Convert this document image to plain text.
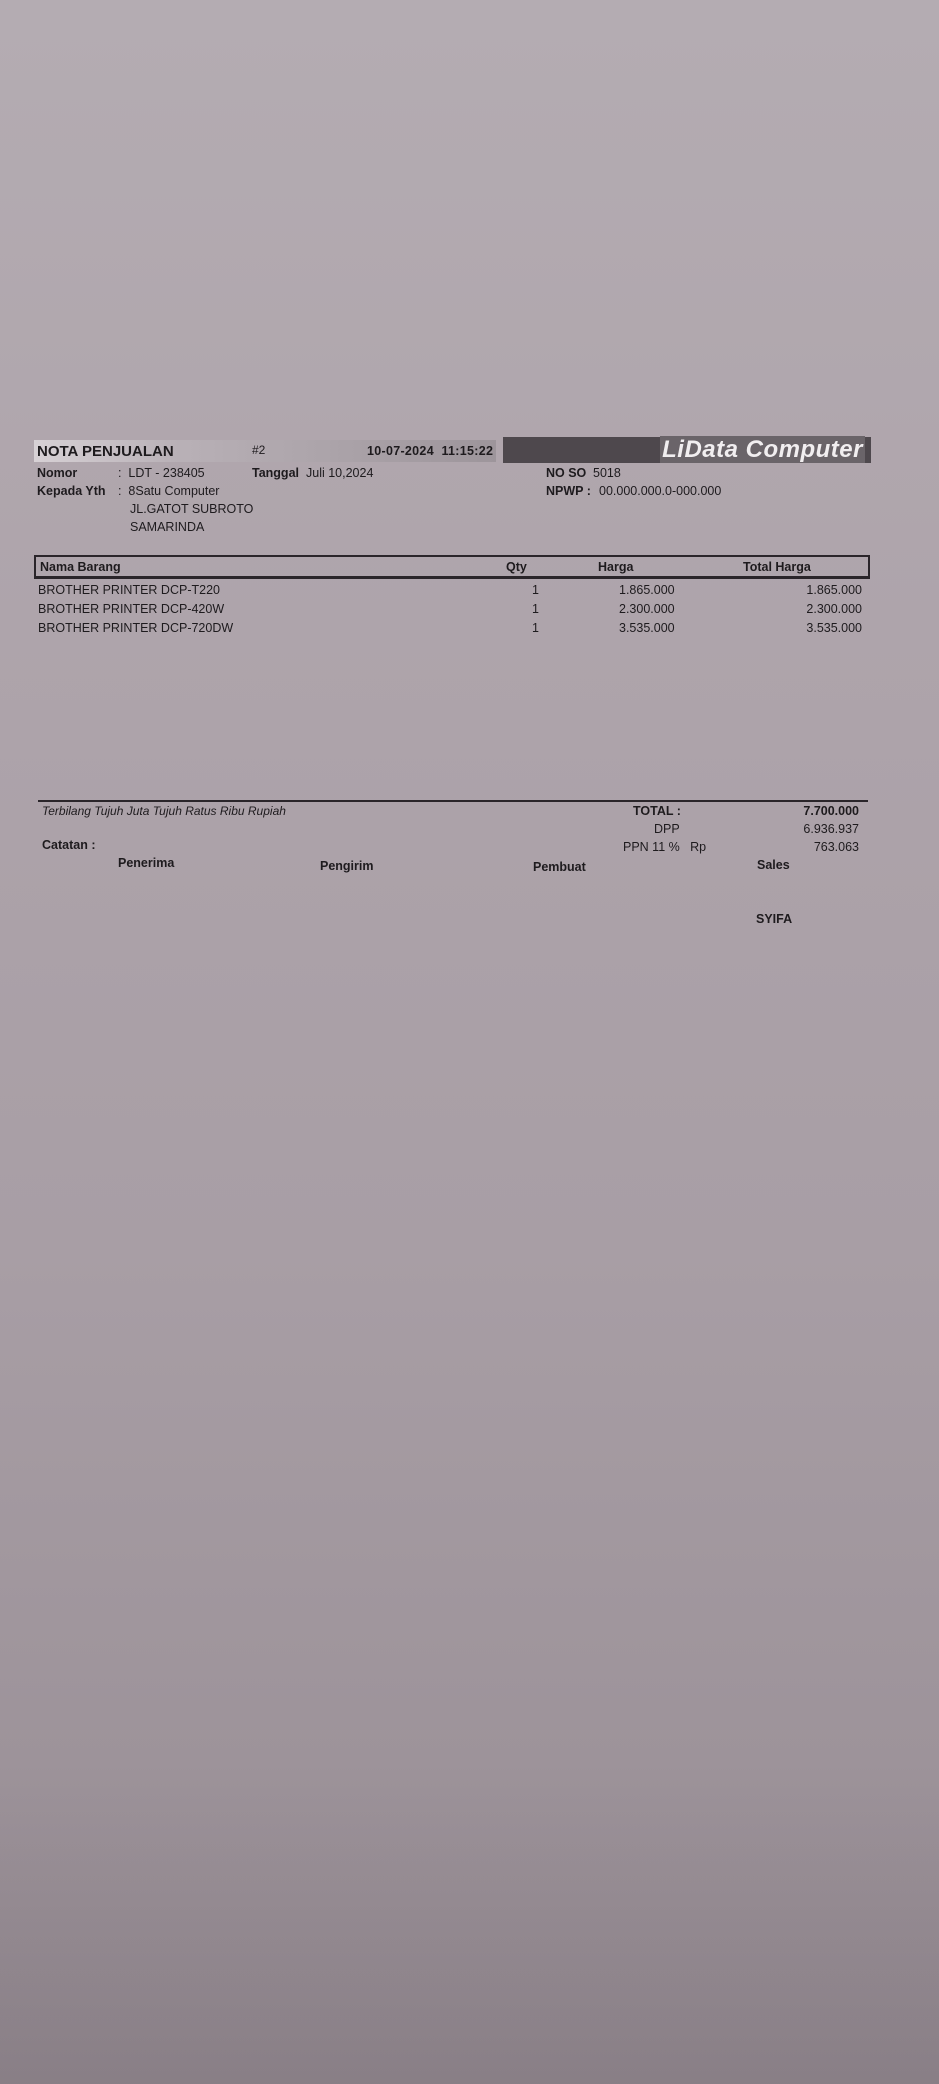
NOTA PENJUALAN	#2	10-07-2024  11:15:22	LiData Computer
Nomor	:  LDT - 238405	Tanggal Juli 10,2024
Kepada Yth :  8Satu Computer
JL.GATOT SUBROTO
SAMARINDA
NO SO 5018
NPWP : 00.000.000.0-000.000
Nama Barang	Qty	Harga	Total Harga
BROTHER PRINTER DCP-T220	1	1.865.000	1.865.000
BROTHER PRINTER DCP-420W	1	2.300.000	2.300.000
BROTHER PRINTER DCP-720DW	1	3.535.000	3.535.000
Terbilang Tujuh Juta Tujuh Ratus Ribu Rupiah	TOTAL :	7.700.000
DPP	6.936.937
Catatan :	PPN 11 %   Rp	763.063
Penerima	Pengirim	Pembuat	Sales
SYIFA
